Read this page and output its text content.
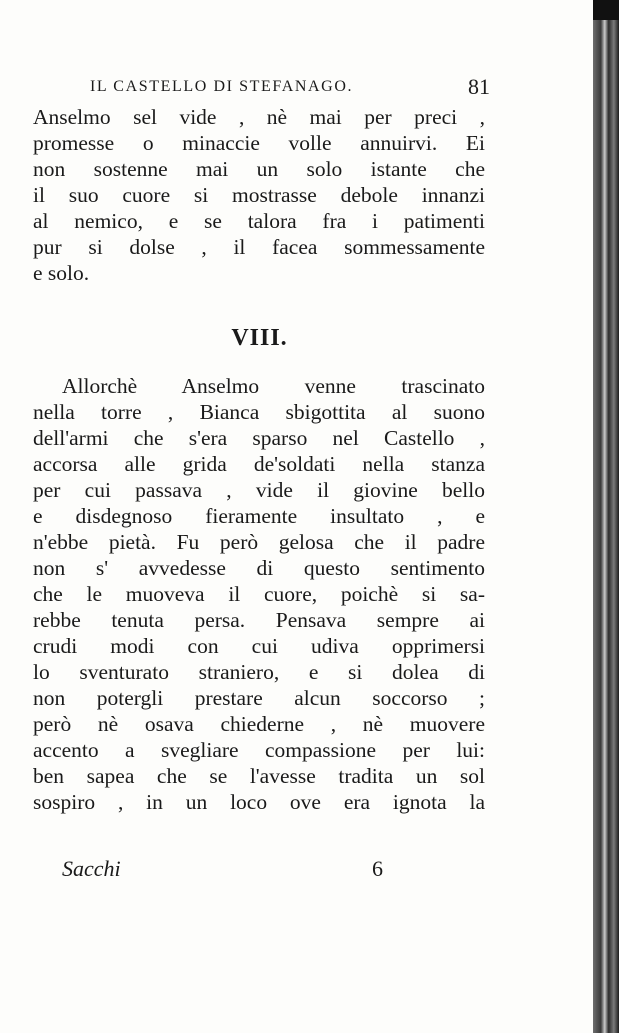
IL CASTELLO DI STEFANAGO.	81
Anselmo sel vide , nè mai per preci ,
promesse o minaccie volle annuirvi. Ei
non sostenne mai un solo istante che
il suo cuore si mostrasse debole innanzi
al nemico, e se talora fra i patimenti
pur si dolse , il facea sommessamente
e solo.
VIII.
Allorchè Anselmo venne trascinato
nella torre , Bianca sbigottita al suono
dell'armi che s'era sparso nel Castello ,
accorsa alle grida de'soldati nella stanza
per cui passava , vide il giovine bello
e disdegnoso fieramente insultato , e
n'ebbe pietà. Fu però gelosa che il padre
non s' avvedesse di questo sentimento
che le muoveva il cuore, poichè si sa-
rebbe tenuta persa. Pensava sempre ai
crudi modi con cui udiva opprimersi
lo sventurato straniero, e si dolea di
non potergli prestare alcun soccorso ;
però nè osava chiederne , nè muovere
accento a svegliare compassione per lui:
ben sapea che se l'avesse tradita un sol
sospiro , in un loco ove era ignota la
Sacchi	6
